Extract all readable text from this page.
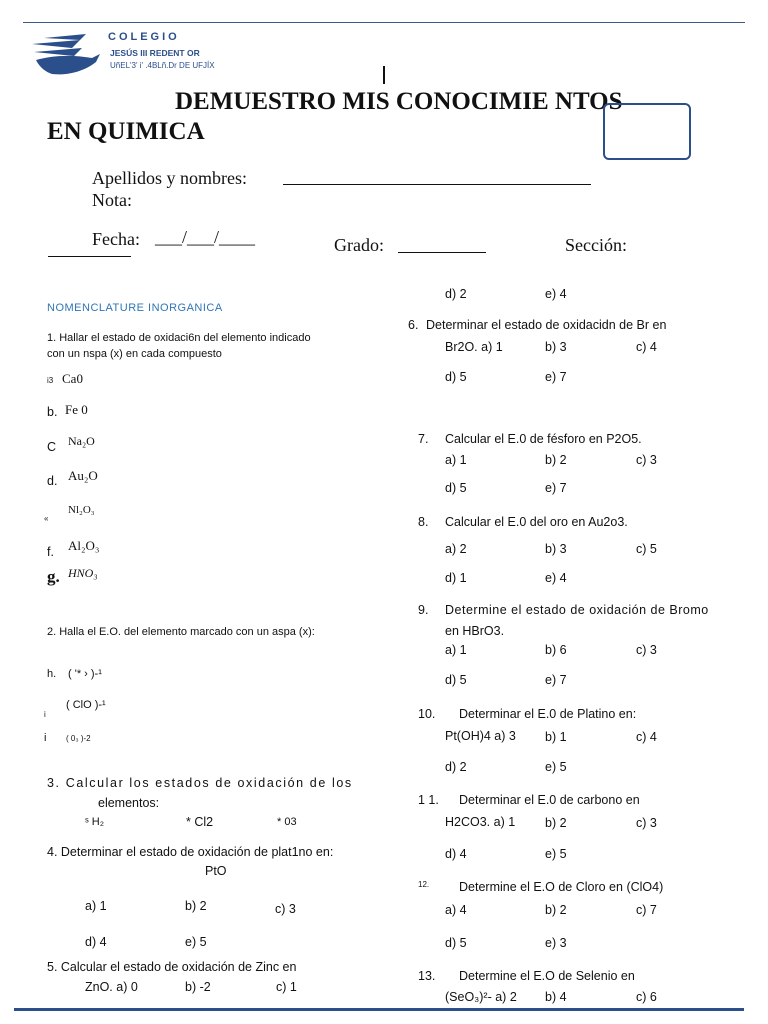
COLEGIO
JESÚS III REDENT OR
UñEL'3' i' .4BLñ.Dr DE UFJÍX
DEMUESTRO MIS CONOCIMIE NTOS
EN QUIMICA
Apellidos y nombres:
Nota:
Fecha: ___/___/____	Grado:	Sección:
NOMENCLATURE INORGANICA
1. Hallar el estado de oxidaci6n del elemento indicado
con un nspa (x) en cada compuesto
i3 Ca0
b. Fe 0
C Na₂O
d. Au₂O
«
Nl₂O₃
f. Al₂O₃
g. HNO₃
2. Halla el E.O. del elemento marcado con un aspa (x):
h. ( '* › )-¹
i
( ClO )-¹
i ( 0₃ )-2
3. Calcular los estados de oxidación de los
elementos:
ˢ H₂	* Cl2	* 03
4. Determinar el estado de oxidación de plat1no en:
PtO
a) 1	b) 2	c) 3
d) 4	e) 5
5. Calcular el estado de oxidación de Zinc en
ZnO. a) 0	b) -2	c) 1
d) 2	e) 4
6. Determinar el estado de oxidacidn de Br en
Br2O. a) 1	b) 3	c) 4
d) 5	e) 7
7. Calcular el E.0 de fésforo en P2O5.
a) 1	b) 2	c) 3
d) 5	e) 7
8. Calcular el E.0 del oro en Au2o3.
a) 2	b) 3	c) 5
d) 1	e) 4
9. Determine el estado de oxidación de Bromo
en HBrO3.
a) 1	b) 6	c) 3
d) 5	e) 7
10. Determinar el E.0 de Platino en:
Pt(OH)4 a) 3 b) 1	c) 4
d) 2	e) 5
1 1. Determinar el E.0 de carbono en
H2CO3. a) 1 b) 2	c) 3
d) 4	e) 5
12. Determine el E.O de Cloro en (ClO4)
a) 4	b) 2	c) 7
d) 5	e) 3
13. Determine el E.O de Selenio en
(SeO₃)²- a) 2 b) 4	c) 6
